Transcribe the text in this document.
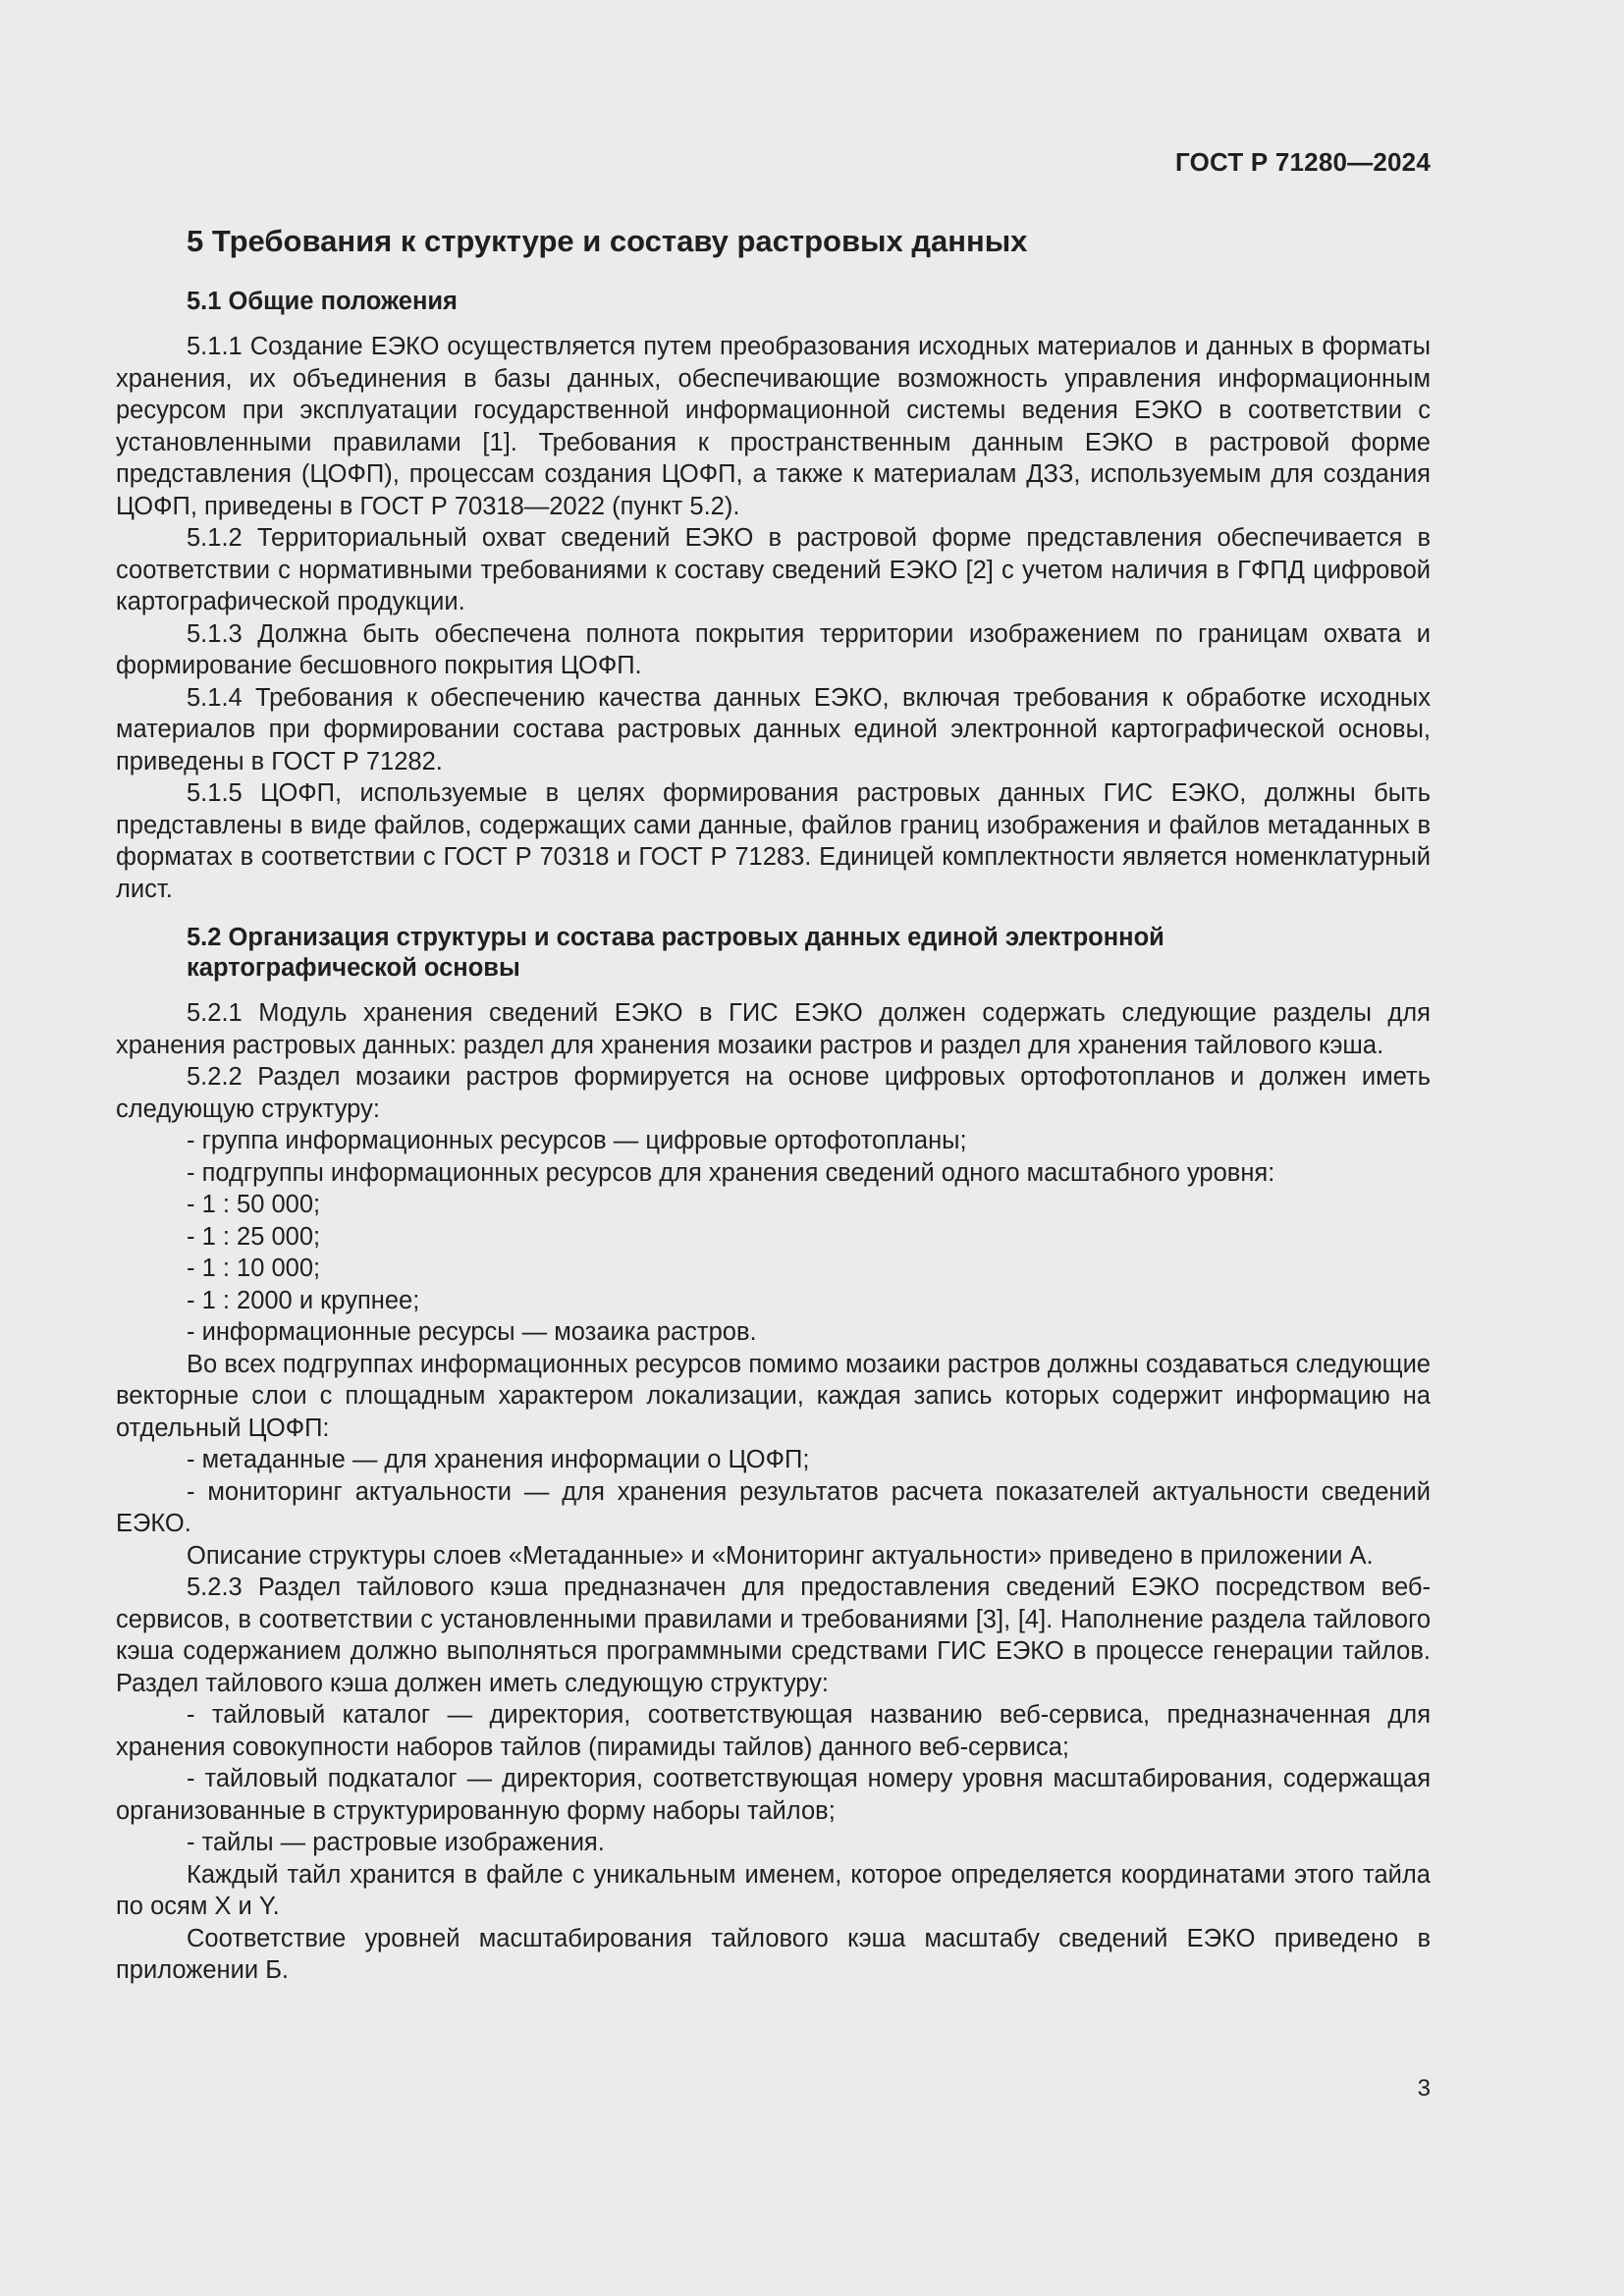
ГОСТ Р 71280—2024
5 Требования к структуре и составу растровых данных
5.1 Общие положения

5.1.1 Создание ЕЭКО осуществляется путем преобразования исходных материалов и данных в форматы хранения, их объединения в базы данных, обеспечивающие возможность управления информационным ресурсом при эксплуатации государственной информационной системы ведения ЕЭКО в соответствии с установленными правилами [1]. Требования к пространственным данным ЕЭКО в растровой форме представления (ЦОФП), процессам создания ЦОФП, а также к материалам ДЗЗ, используемым для создания ЦОФП, приведены в ГОСТ Р 70318—2022 (пункт 5.2).

5.1.2 Территориальный охват сведений ЕЭКО в растровой форме представления обеспечивается в соответствии с нормативными требованиями к составу сведений ЕЭКО [2] с учетом наличия в ГФПД цифровой картографической продукции.

5.1.3 Должна быть обеспечена полнота покрытия территории изображением по границам охвата и формирование бесшовного покрытия ЦОФП.

5.1.4 Требования к обеспечению качества данных ЕЭКО, включая требования к обработке исходных материалов при формировании состава растровых данных единой электронной картографической основы, приведены в ГОСТ Р 71282.

5.1.5 ЦОФП, используемые в целях формирования растровых данных ГИС ЕЭКО, должны быть представлены в виде файлов, содержащих сами данные, файлов границ изображения и файлов метаданных в форматах в соответствии с ГОСТ Р 70318 и ГОСТ Р 71283. Единицей комплектности является номенклатурный лист.

5.2 Организация структуры и состава растровых данных единой электронной
картографической основы

5.2.1 Модуль хранения сведений ЕЭКО в ГИС ЕЭКО должен содержать следующие разделы для хранения растровых данных: раздел для хранения мозаики растров и раздел для хранения тайлового кэша.

5.2.2 Раздел мозаики растров формируется на основе цифровых ортофотопланов и должен иметь следующую структуру:

- группа информационных ресурсов — цифровые ортофотопланы;

- подгруппы информационных ресурсов для хранения сведений одного масштабного уровня:

- 1 : 50 000;

- 1 : 25 000;

- 1 : 10 000;

- 1 : 2000 и крупнее;

- информационные ресурсы — мозаика растров.

Во всех подгруппах информационных ресурсов помимо мозаики растров должны создаваться следующие векторные слои с площадным характером локализации, каждая запись которых содержит информацию на отдельный ЦОФП:

- метаданные — для хранения информации о ЦОФП;

- мониторинг актуальности — для хранения результатов расчета показателей актуальности сведений ЕЭКО.

Описание структуры слоев «Метаданные» и «Мониторинг актуальности» приведено в приложении А.

5.2.3 Раздел тайлового кэша предназначен для предоставления сведений ЕЭКО посредством веб-сервисов, в соответствии с установленными правилами и требованиями [3], [4]. Наполнение раздела тайлового кэша содержанием должно выполняться программными средствами ГИС ЕЭКО в процессе генерации тайлов. Раздел тайлового кэша должен иметь следующую структуру:

- тайловый каталог — директория, соответствующая названию веб-сервиса, предназначенная для хранения совокупности наборов тайлов (пирамиды тайлов) данного веб-сервиса;

- тайловый подкаталог — директория, соответствующая номеру уровня масштабирования, содержащая организованные в структурированную форму наборы тайлов;

- тайлы — растровые изображения.

Каждый тайл хранится в файле с уникальным именем, которое определяется координатами этого тайла по осям X и Y.

Соответствие уровней масштабирования тайлового кэша масштабу сведений ЕЭКО приведено в приложении Б.

3
